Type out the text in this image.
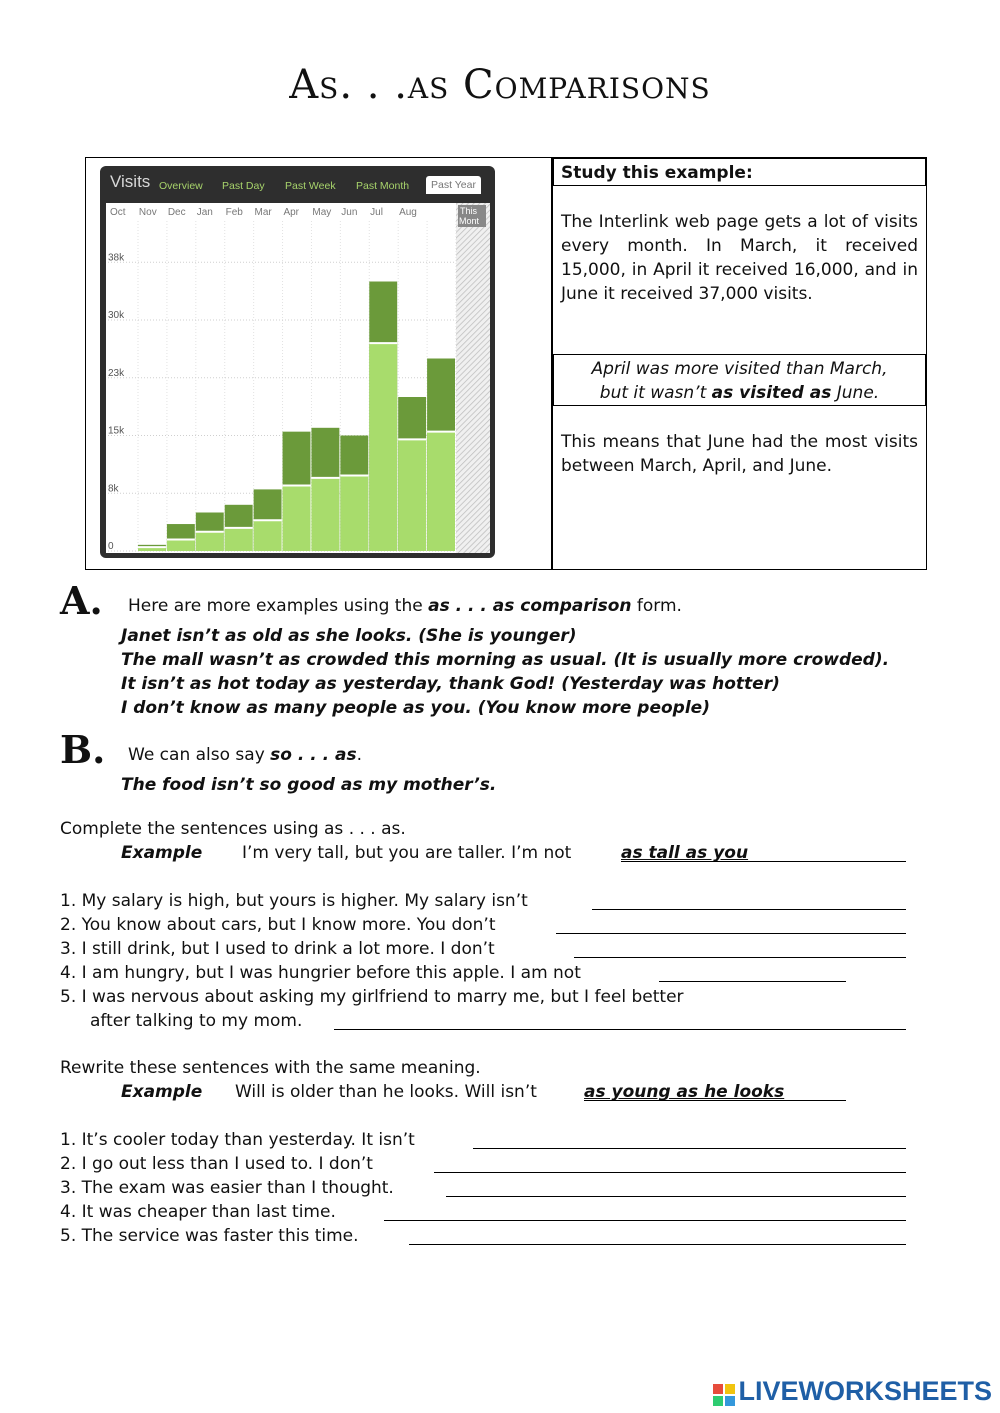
As. . .as Comparisons
Visits Overview Past Day Past Week Past Month	Past Year
0
8k
15k
23k
30k
38k
Oct Nov Dec Jan Feb Mar Apr May Jun Jul Aug	This
Mont
Study this example:
The Interlink web page gets a lot of visits every month. In March, it received 15,000, in April it received 16,000, and in June it received 37,000 visits.
April was more visited than March,
but it wasn’t as visited as June.
This means that June had the most visits between March, April, and June.
A. Here are more examples using the as . . . as comparison form.
Janet isn’t as old as she looks. (She is younger)
The mall wasn’t as crowded this morning as usual. (It is usually more crowded).
It isn’t as hot today as yesterday, thank God! (Yesterday was hotter)
I don’t know as many people as you. (You know more people)
B. We can also say so . . . as.
The food isn’t so good as my mother’s.
Complete the sentences using as . . . as.
Example I’m very tall, but you are taller. I’m not	as tall as you
1. My salary is high, but yours is higher. My salary isn’t
2. You know about cars, but I know more. You don’t
3. I still drink, but I used to drink a lot more. I don’t
4. I am hungry, but I was hungrier before this apple. I am not
5. I was nervous about asking my girlfriend to marry me, but I feel better
after talking to my mom.
Rewrite these sentences with the same meaning.
Example Will is older than he looks. Will isn’t	as young as he looks
1. It’s cooler today than yesterday. It isn’t
2. I go out less than I used to. I don’t
3. The exam was easier than I thought.
4. It was cheaper than last time.
5. The service was faster this time.
LIVEWORKSHEETS
